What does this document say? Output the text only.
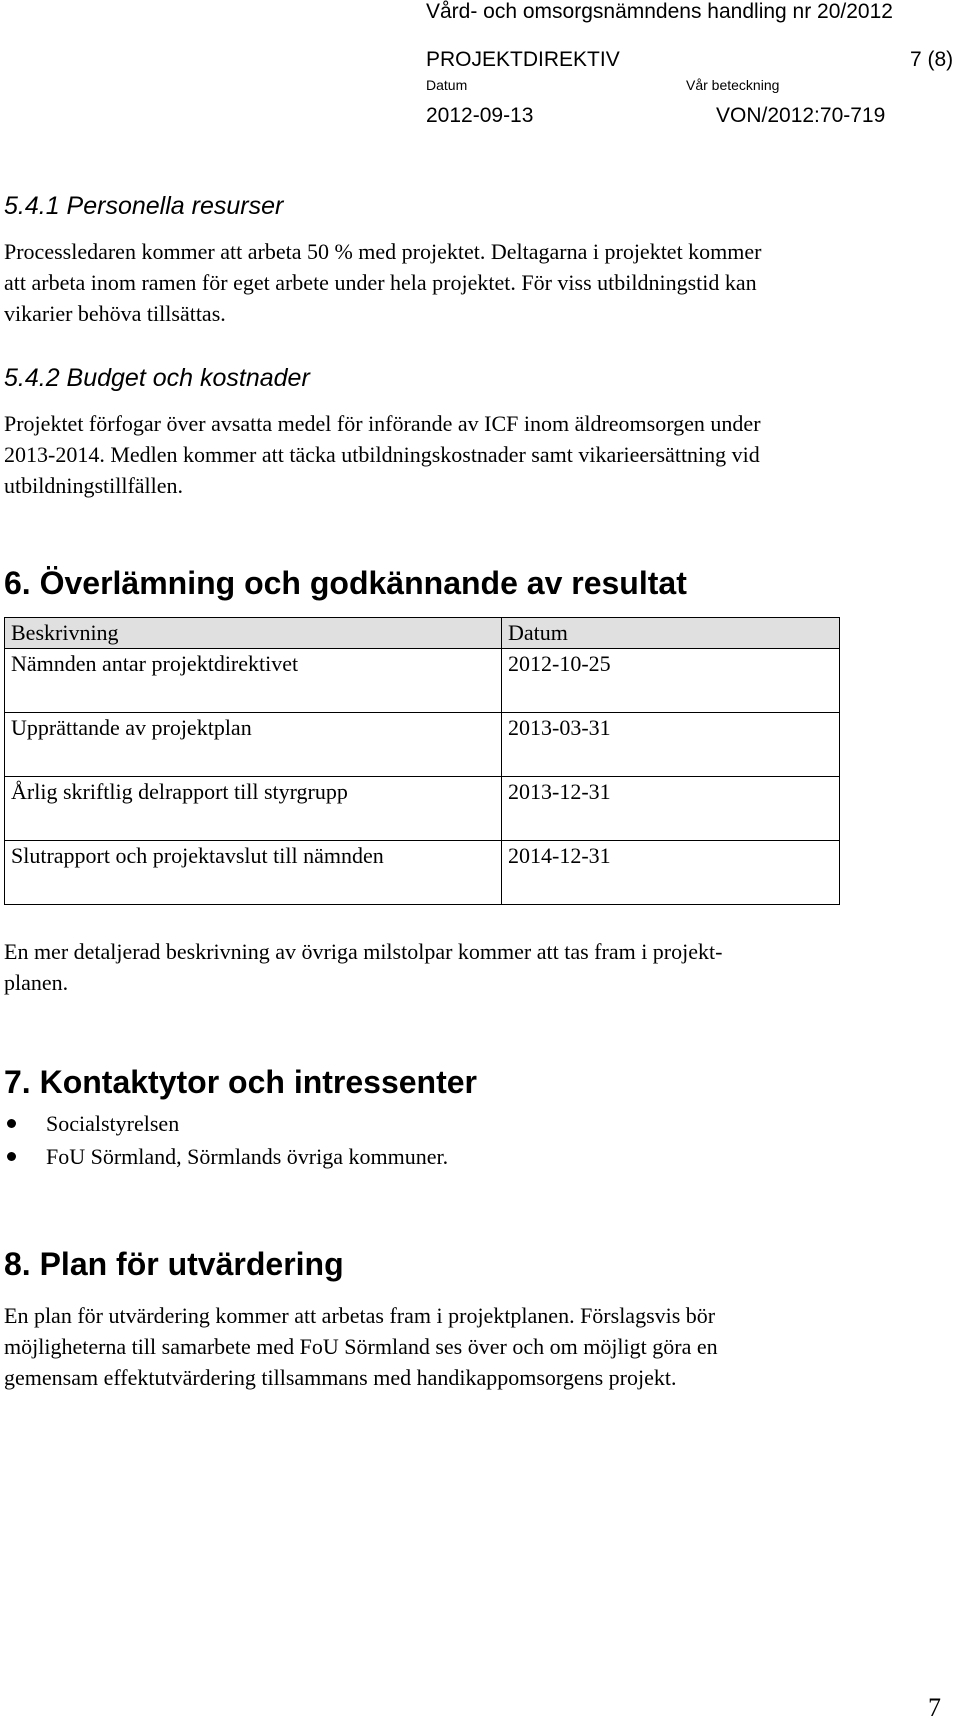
Vård- och omsorgsnämndens handling nr 20/2012
PROJEKTDIREKTIV	7 (8)
Datum	Vår beteckning
2012-09-13	VON/2012:70-719
5.4.1 Personella resurser
Processledaren kommer att arbeta 50 % med projektet. Deltagarna i projektet kommer
att arbeta inom ramen för eget arbete under hela projektet. För viss utbildningstid kan
vikarier behöva tillsättas.
5.4.2 Budget och kostnader
Projektet förfogar över avsatta medel för införande av ICF inom äldreomsorgen under
2013-2014. Medlen kommer att täcka utbildningskostnader samt vikarieersättning vid
utbildningstillfällen.
6. Överlämning och godkännande av resultat
Beskrivning	Datum
Nämnden antar projektdirektivet	2012-10-25
Upprättande av projektplan	2013-03-31
Årlig skriftlig delrapport till styrgrupp	2013-12-31
Slutrapport och projektavslut till nämnden	2014-12-31
En mer detaljerad beskrivning av övriga milstolpar kommer att tas fram i projekt-
planen.
7. Kontaktytor och intressenter
Socialstyrelsen
FoU Sörmland, Sörmlands övriga kommuner.
8. Plan för utvärdering
En plan för utvärdering kommer att arbetas fram i projektplanen. Förslagsvis bör
möjligheterna till samarbete med FoU Sörmland ses över och om möjligt göra en
gemensam effektutvärdering tillsammans med handikappomsorgens projekt.
7
